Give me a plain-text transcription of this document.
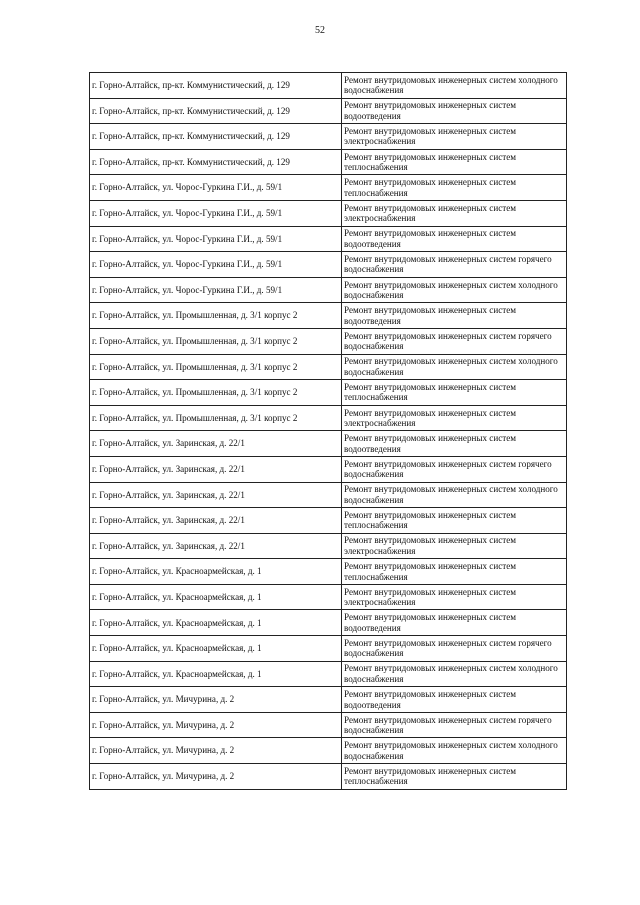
52
г. Горно-Алтайск, пр-кт. Коммунистический, д. 129	Ремонт внутридомовых инженерных систем холодного водоснабжения
г. Горно-Алтайск, пр-кт. Коммунистический, д. 129	Ремонт внутридомовых инженерных систем водоотведения
г. Горно-Алтайск, пр-кт. Коммунистический, д. 129	Ремонт внутридомовых инженерных систем электроснабжения
г. Горно-Алтайск, пр-кт. Коммунистический, д. 129	Ремонт внутридомовых инженерных систем теплоснабжения
г. Горно-Алтайск, ул. Чорос-Гуркина Г.И., д. 59/1	Ремонт внутридомовых инженерных систем теплоснабжения
г. Горно-Алтайск, ул. Чорос-Гуркина Г.И., д. 59/1	Ремонт внутридомовых инженерных систем электроснабжения
г. Горно-Алтайск, ул. Чорос-Гуркина Г.И., д. 59/1	Ремонт внутридомовых инженерных систем водоотведения
г. Горно-Алтайск, ул. Чорос-Гуркина Г.И., д. 59/1	Ремонт внутридомовых инженерных систем горячего водоснабжения
г. Горно-Алтайск, ул. Чорос-Гуркина Г.И., д. 59/1	Ремонт внутридомовых инженерных систем холодного водоснабжения
г. Горно-Алтайск, ул. Промышленная, д. 3/1 корпус 2	Ремонт внутридомовых инженерных систем водоотведения
г. Горно-Алтайск, ул. Промышленная, д. 3/1 корпус 2	Ремонт внутридомовых инженерных систем горячего водоснабжения
г. Горно-Алтайск, ул. Промышленная, д. 3/1 корпус 2	Ремонт внутридомовых инженерных систем холодного водоснабжения
г. Горно-Алтайск, ул. Промышленная, д. 3/1 корпус 2	Ремонт внутридомовых инженерных систем теплоснабжения
г. Горно-Алтайск, ул. Промышленная, д. 3/1 корпус 2	Ремонт внутридомовых инженерных систем электроснабжения
г. Горно-Алтайск, ул. Заринская, д. 22/1	Ремонт внутридомовых инженерных систем водоотведения
г. Горно-Алтайск, ул. Заринская, д. 22/1	Ремонт внутридомовых инженерных систем горячего водоснабжения
г. Горно-Алтайск, ул. Заринская, д. 22/1	Ремонт внутридомовых инженерных систем холодного водоснабжения
г. Горно-Алтайск, ул. Заринская, д. 22/1	Ремонт внутридомовых инженерных систем теплоснабжения
г. Горно-Алтайск, ул. Заринская, д. 22/1	Ремонт внутридомовых инженерных систем электроснабжения
г. Горно-Алтайск, ул. Красноармейская, д. 1	Ремонт внутридомовых инженерных систем теплоснабжения
г. Горно-Алтайск, ул. Красноармейская, д. 1	Ремонт внутридомовых инженерных систем электроснабжения
г. Горно-Алтайск, ул. Красноармейская, д. 1	Ремонт внутридомовых инженерных систем водоотведения
г. Горно-Алтайск, ул. Красноармейская, д. 1	Ремонт внутридомовых инженерных систем горячего водоснабжения
г. Горно-Алтайск, ул. Красноармейская, д. 1	Ремонт внутридомовых инженерных систем холодного водоснабжения
г. Горно-Алтайск, ул. Мичурина, д. 2	Ремонт внутридомовых инженерных систем водоотведения
г. Горно-Алтайск, ул. Мичурина, д. 2	Ремонт внутридомовых инженерных систем горячего водоснабжения
г. Горно-Алтайск, ул. Мичурина, д. 2	Ремонт внутридомовых инженерных систем холодного водоснабжения
г. Горно-Алтайск, ул. Мичурина, д. 2	Ремонт внутридомовых инженерных систем теплоснабжения
